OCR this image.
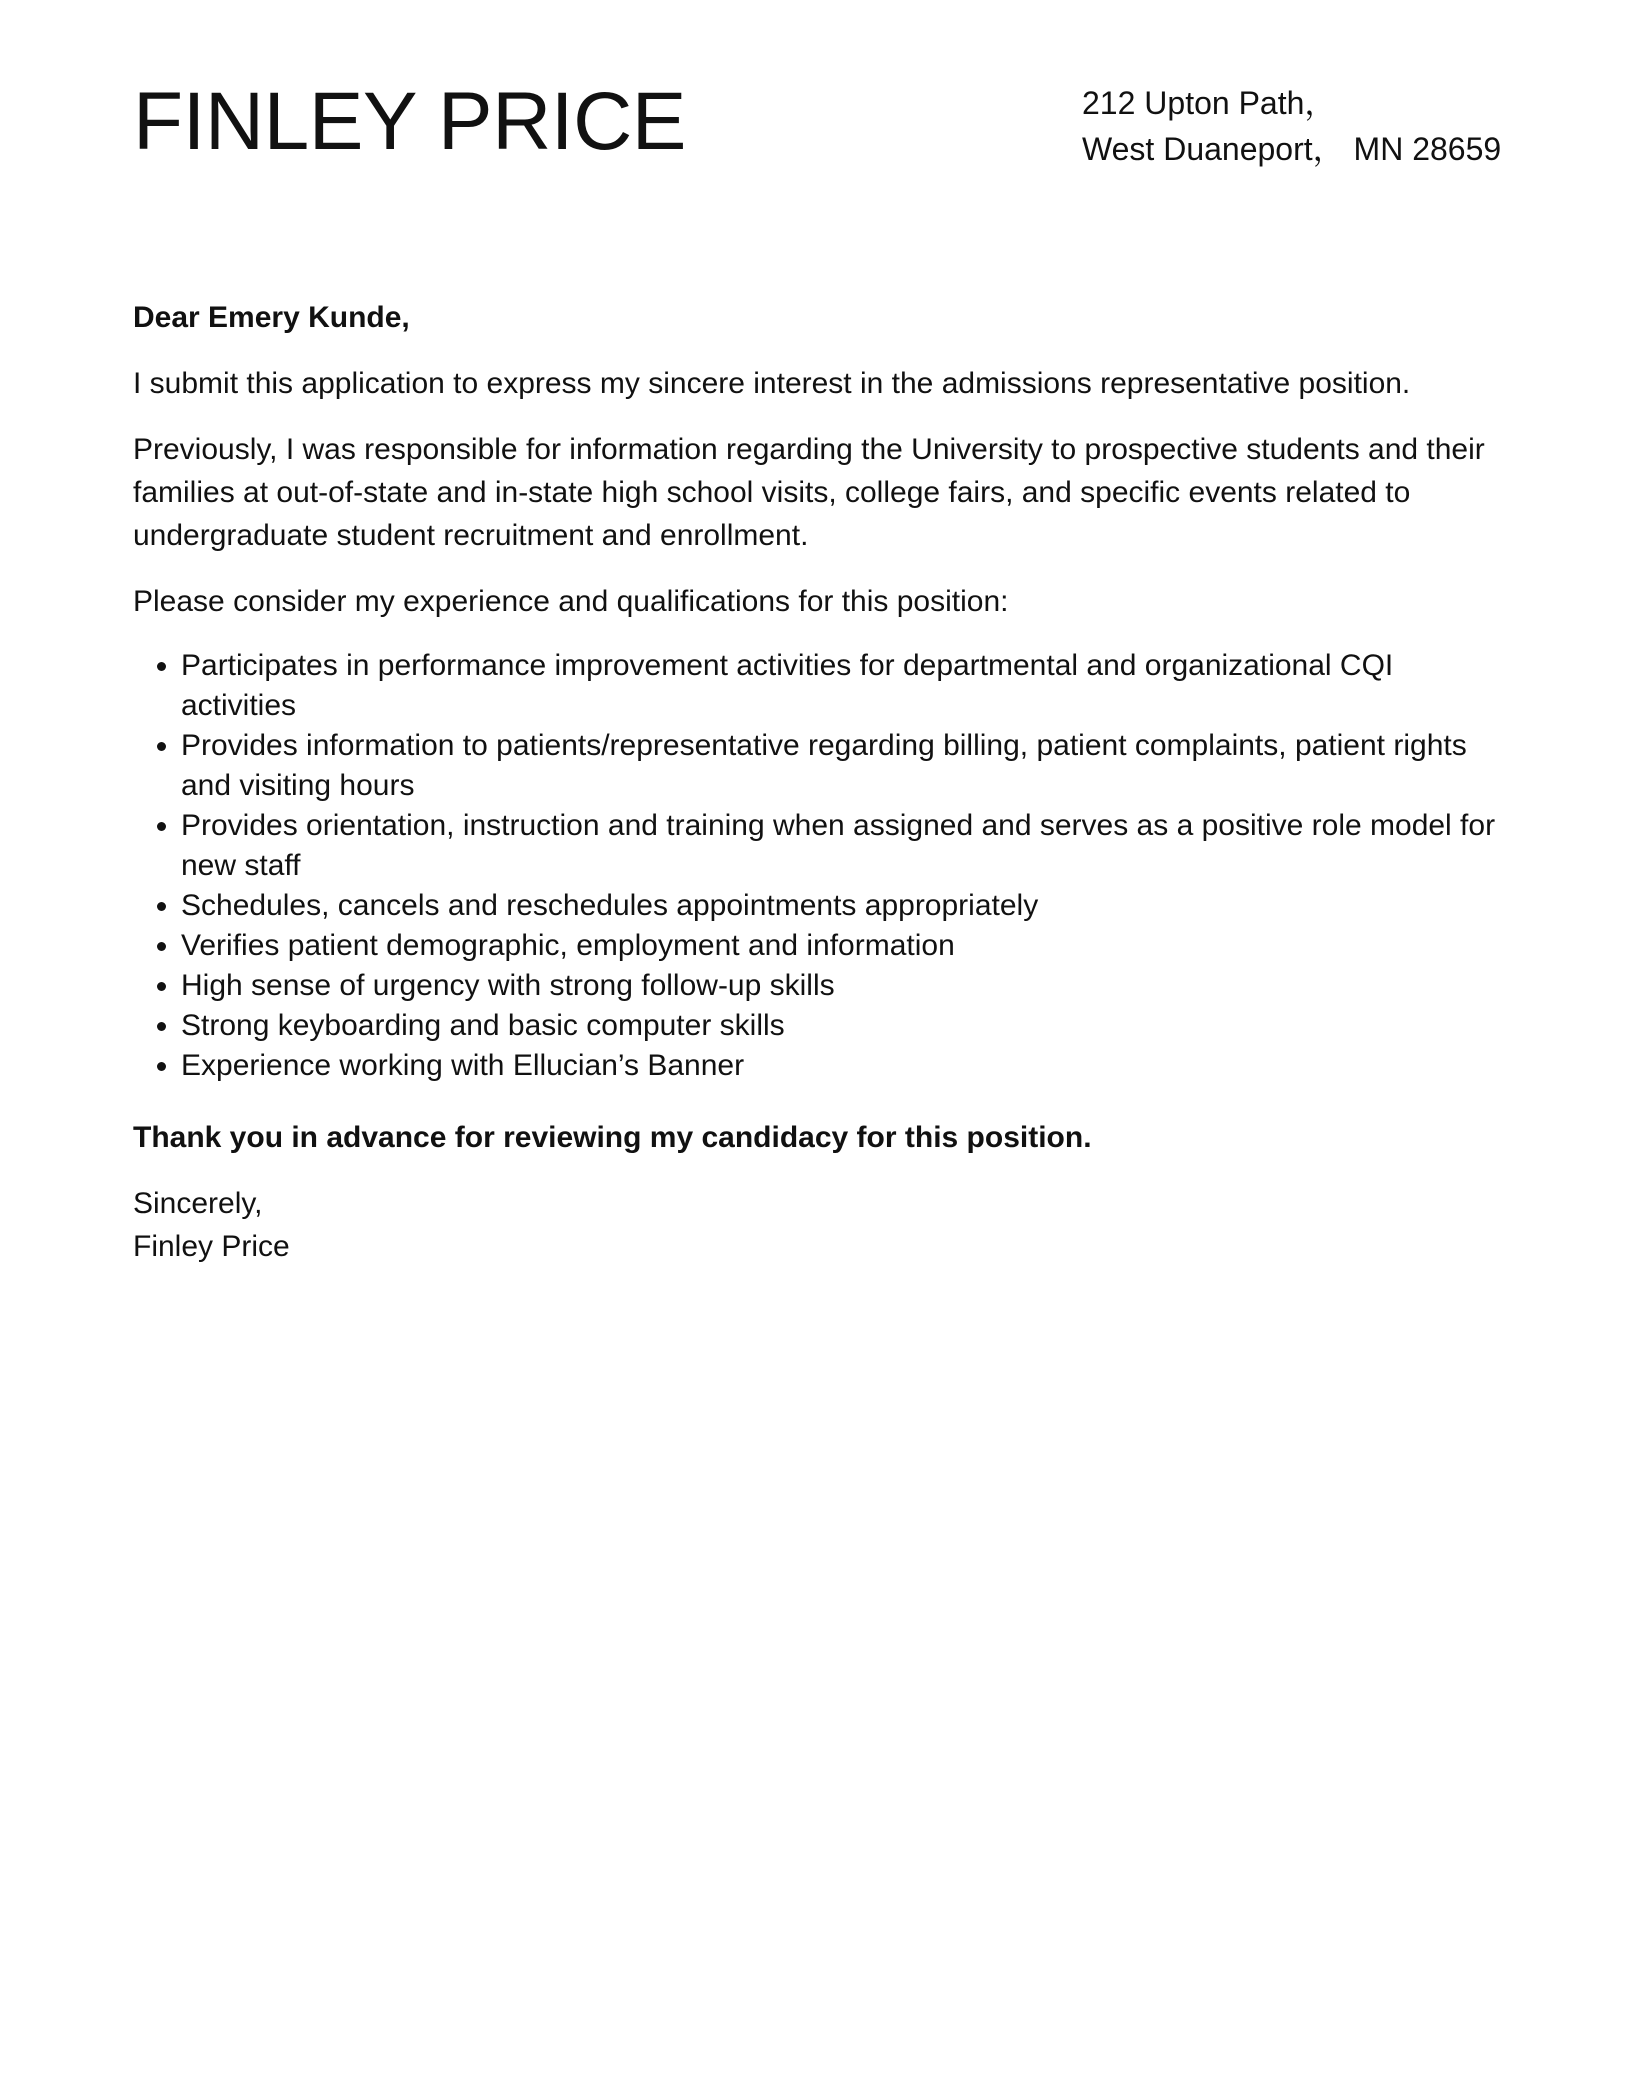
FINLEY PRICE	212 Upton Path，
West Duaneport， MN 28659

Dear Emery Kunde,

I submit this application to express my sincere interest in the admissions representative position.

Previously, I was responsible for information regarding the University to prospective students and their families at out-of-state and in-state high school visits, college fairs, and specific events related to undergraduate student recruitment and enrollment.

Please consider my experience and qualifications for this position:

• Participates in performance improvement activities for departmental and organizational CQI activities
• Provides information to patients/representative regarding billing, patient complaints, patient rights and visiting hours
• Provides orientation, instruction and training when assigned and serves as a positive role model for new staff
• Schedules, cancels and reschedules appointments appropriately
• Verifies patient demographic, employment and information
• High sense of urgency with strong follow-up skills
• Strong keyboarding and basic computer skills
• Experience working with Ellucian’s Banner

Thank you in advance for reviewing my candidacy for this position.

Sincerely,
Finley Price
